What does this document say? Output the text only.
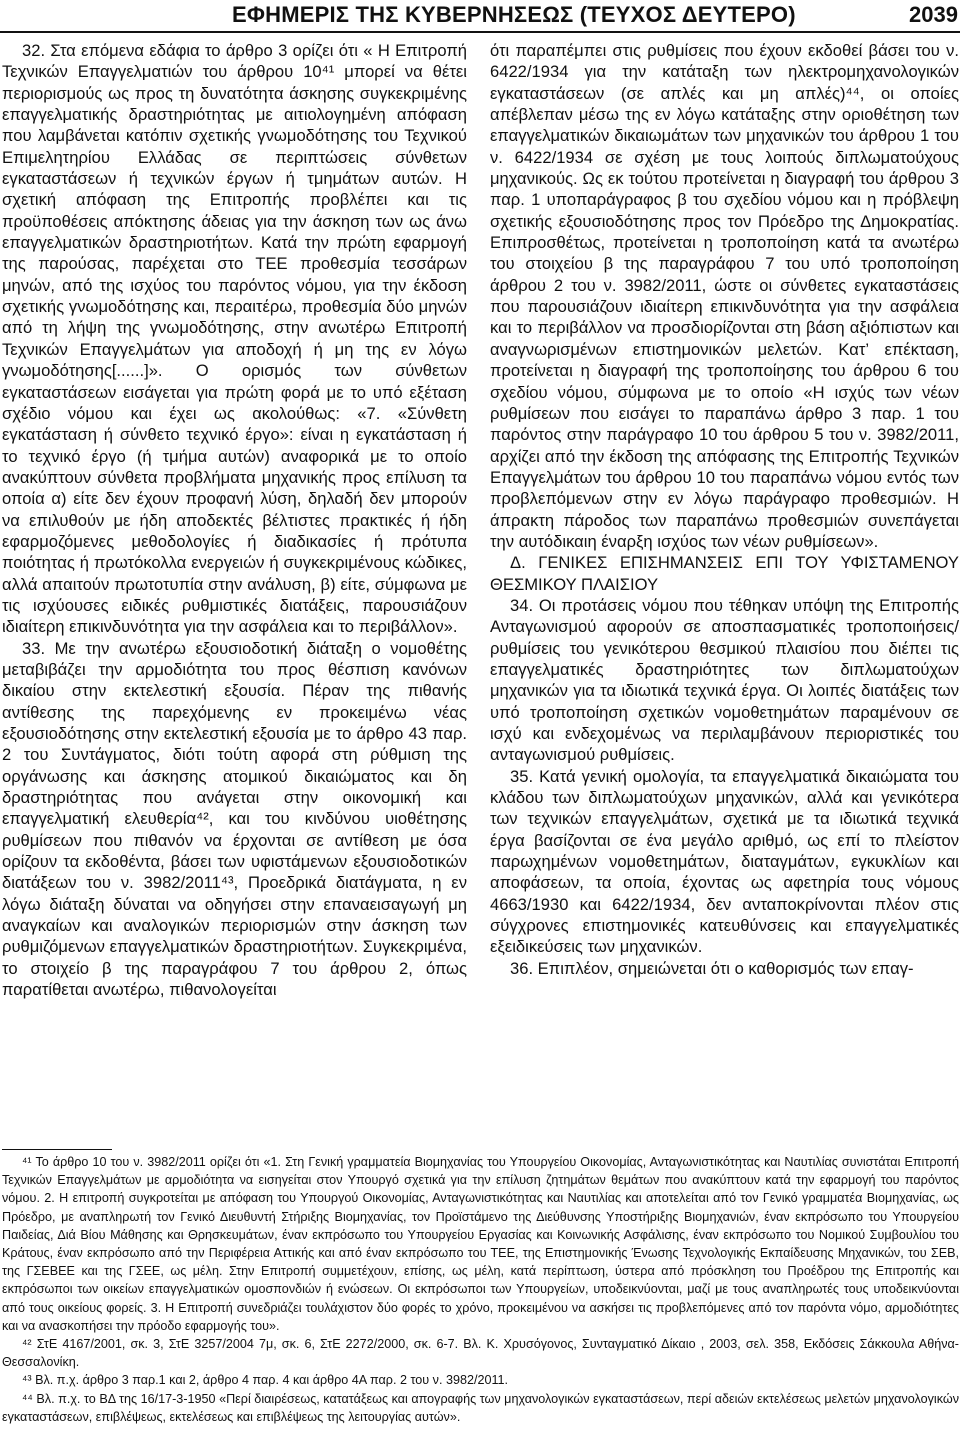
ΕΦΗΜΕΡΙΣ ΤΗΣ ΚΥΒΕΡΝΗΣΕΩΣ (ΤΕΥΧΟΣ ΔΕΥΤΕΡΟ)	2039

32. Στα επόμενα εδάφια το άρθρο 3 ορίζει ότι « Η Επιτροπή Τεχνικών Επαγγελματιών του άρθρου 10⁴¹ μπορεί να θέτει περιορισμούς ως προς τη δυνατότητα άσκησης συγκεκριμένης επαγγελματικής δραστηριότητας με αιτιολογημένη απόφαση που λαμβάνεται κατόπιν σχετικής γνωμοδότησης του Τεχνικού Επιμελητηρίου Ελλάδας σε περιπτώσεις σύνθετων εγκαταστάσεων ή τεχνικών έργων ή τμημάτων αυτών. Η σχετική απόφαση της Επιτροπής προβλέπει και τις προϋποθέσεις απόκτησης άδειας για την άσκηση των ως άνω επαγγελματικών δραστηριοτήτων. Κατά την πρώτη εφαρμογή της παρούσας, παρέχεται στο ΤΕΕ προθεσμία τεσσάρων μηνών, από της ισχύος του παρόντος νόμου, για την έκδοση σχετικής γνωμοδότησης και, περαιτέρω, προθεσμία δύο μηνών από τη λήψη της γνωμοδότησης, στην ανωτέρω Επιτροπή Τεχνικών Επαγγελμάτων για αποδοχή ή μη της εν λόγω γνωμοδότησης[......]». Ο ορισμός των σύνθετων εγκαταστάσεων εισάγεται για πρώτη φορά με το υπό εξέταση σχέδιο νόμου και έχει ως ακολούθως: «7. «Σύνθετη εγκατάσταση ή σύνθετο τεχνικό έργο»: είναι η εγκατάσταση ή το τεχνικό έργο (ή τμήμα αυτών) αναφορικά με το οποίο ανακύπτουν σύνθετα προβλήματα μηχανικής προς επίλυση τα οποία α) είτε δεν έχουν προφανή λύση, δηλαδή δεν μπορούν να επιλυθούν με ήδη αποδεκτές βέλτιστες πρακτικές ή ήδη εφαρμοζόμενες μεθοδολογίες ή διαδικασίες ή πρότυπα ποιότητας ή πρωτόκολλα ενεργειών ή συγκεκριμένους κώδικες, αλλά απαιτούν πρωτοτυπία στην ανάλυση, β) είτε, σύμφωνα με τις ισχύουσες ειδικές ρυθμιστικές διατάξεις, παρουσιάζουν ιδιαίτερη επικινδυνότητα για την ασφάλεια και το περιβάλλον».

33. Με την ανωτέρω εξουσιοδοτική διάταξη ο νομοθέτης μεταβιβάζει την αρμοδιότητα του προς θέσπιση κανόνων δικαίου στην εκτελεστική εξουσία. Πέραν της πιθανής αντίθεσης της παρεχόμενης εν προκειμένω νέας εξουσιοδότησης στην εκτελεστική εξουσία με το άρθρο 43 παρ. 2 του Συντάγματος, διότι τούτη αφορά στη ρύθμιση της οργάνωσης και άσκησης ατομικού δικαιώματος και δη δραστηριότητας που ανάγεται στην οικονομική και επαγγελματική ελευθερία⁴², και του κινδύνου υιοθέτησης ρυθμίσεων που πιθανόν να έρχονται σε αντίθεση με όσα ορίζουν τα εκδοθέντα, βάσει των υφιστάμενων εξουσιοδοτικών διατάξεων του ν. 3982/2011⁴³, Προεδρικά διατάγματα, η εν λόγω διάταξη δύναται να οδηγήσει στην επαναεισαγωγή μη αναγκαίων και αναλογικών περιορισμών στην άσκηση των ρυθμιζόμενων επαγγελματικών δραστηριοτήτων. Συγκεκριμένα, το στοιχείο β της παραγράφου 7 του άρθρου 2, όπως παρατίθεται ανωτέρω, πιθανολογείται

ότι παραπέμπει στις ρυθμίσεις που έχουν εκδοθεί βάσει του ν. 6422/1934 για την κατάταξη των ηλεκτρομηχανολογικών εγκαταστάσεων (σε απλές και μη απλές)⁴⁴, οι οποίες απέβλεπαν μέσω της εν λόγω κατάταξης στην οριοθέτηση των επαγγελματικών δικαιωμάτων των μηχανικών του άρθρου 1 του ν. 6422/1934 σε σχέση με τους λοιπούς διπλωματούχους μηχανικούς. Ως εκ τούτου προτείνεται η διαγραφή του άρθρου 3 παρ. 1 υποπαράγραφος β του σχεδίου νόμου και η πρόβλεψη σχετικής εξουσιοδότησης προς τον Πρόεδρο της Δημοκρατίας. Επιπροσθέτως, προτείνεται η τροποποίηση κατά τα ανωτέρω του στοιχείου β της παραγράφου 7 του υπό τροποποίηση άρθρου 2 του ν. 3982/2011, ώστε οι σύνθετες εγκαταστάσεις που παρουσιάζουν ιδιαίτερη επικινδυνότητα για την ασφάλεια και το περιβάλλον να προσδιορίζονται στη βάση αξιόπιστων και αναγνωρισμένων επιστημονικών μελετών. Κατ’ επέκταση, προτείνεται η διαγραφή της τροποποίησης του άρθρου 6 του σχεδίου νόμου, σύμφωνα με το οποίο «Η ισχύς των νέων ρυθμίσεων που εισάγει το παραπάνω άρθρο 3 παρ. 1 του παρόντος στην παράγραφο 10 του άρθρου 5 του ν. 3982/2011, αρχίζει από την έκδοση της απόφασης της Επιτροπής Τεχνικών Επαγγελμάτων του άρθρου 10 του παραπάνω νόμου εντός των προβλεπόμενων στην εν λόγω παράγραφο προθεσμιών. Η άπρακτη πάροδος των παραπάνω προθεσμιών συνεπάγεται την αυτόδικαιη έναρξη ισχύος των νέων ρυθμίσεων».

Δ. ΓΕΝΙΚΕΣ ΕΠΙΣΗΜΑΝΣΕΙΣ ΕΠΙ ΤΟΥ ΥΦΙΣΤΑΜΕΝΟΥ ΘΕΣΜΙΚΟΥ ΠΛΑΙΣΙΟΥ

34. Οι προτάσεις νόμου που τέθηκαν υπόψη της Επιτροπής Ανταγωνισμού αφορούν σε αποσπασματικές τροποποιήσεις/ρυθμίσεις του γενικότερου θεσμικού πλαισίου που διέπει τις επαγγελματικές δραστηριότητες των διπλωματούχων μηχανικών για τα ιδιωτικά τεχνικά έργα. Οι λοιπές διατάξεις των υπό τροποποίηση σχετικών νομοθετημάτων παραμένουν σε ισχύ και ενδεχομένως να περιλαμβάνουν περιοριστικές του ανταγωνισμού ρυθμίσεις.

35. Κατά γενική ομολογία, τα επαγγελματικά δικαιώματα του κλάδου των διπλωματούχων μηχανικών, αλλά και γενικότερα των τεχνικών επαγγελμάτων, σχετικά με τα ιδιωτικά τεχνικά έργα βασίζονται σε ένα μεγάλο αριθμό, ως επί το πλείστον παρωχημένων νομοθετημάτων, διαταγμάτων, εγκυκλίων και αποφάσεων, τα οποία, έχοντας ως αφετηρία τους νόμους 4663/1930 και 6422/1934, δεν ανταποκρίνονται πλέον στις σύγχρονες επιστημονικές κατευθύνσεις και επαγγελματικές εξειδικεύσεις των μηχανικών.

36. Επιπλέον, σημειώνεται ότι ο καθορισμός των επαγ-

⁴¹ Το άρθρο 10 του ν. 3982/2011 ορίζει ότι «1. Στη Γενική γραμματεία Βιομηχανίας του Υπουργείου Οικονομίας, Ανταγωνιστικότητας και Ναυτιλίας συνιστάται Επιτροπή Τεχνικών Επαγγελμάτων με αρμοδιότητα να εισηγείται στον Υπουργό σχετικά για την επίλυση ζητημάτων θεμάτων που ανακύπτουν κατά την εφαρμογή του παρόντος νόμου. 2. Η επιτροπή συγκροτείται με απόφαση του Υπουργού Οικονομίας, Ανταγωνιστικότητας και Ναυτιλίας και αποτελείται από τον Γενικό γραμματέα Βιομηχανίας, ως Πρόεδρο, με αναπληρωτή τον Γενικό Διευθυντή Στήριξης Βιομηχανίας, τον Προϊστάμενο της Διεύθυνσης Υποστήριξης Βιομηχανιών, έναν εκπρόσωπο του Υπουργείου Παιδείας, Διά Βίου Μάθησης και Θρησκευμάτων, έναν εκπρόσωπο του Υπουργείου Εργασίας και Κοινωνικής Ασφάλισης, έναν εκπρόσωπο του Νομικού Συμβουλίου του Κράτους, έναν εκπρόσωπο από την Περιφέρεια Αττικής και από έναν εκπρόσωπο του ΤΕΕ, της Επιστημονικής Ένωσης Τεχνολογικής Εκπαίδευσης Μηχανικών, του ΣΕΒ, της ΓΣΕΒΕΕ και της ΓΣΕΕ, ως μέλη. Στην Επιτροπή συμμετέχουν, επίσης, ως μέλη, κατά περίπτωση, ύστερα από πρόσκληση του Προέδρου της Επιτροπής και εκπρόσωποι των οικείων επαγγελματικών ομοσπονδιών ή ενώσεων. Οι εκπρόσωποι των Υπουργείων, υποδεικνύονται, μαζί με τους αναπληρωτές τους υποδεικνύονται από τους οικείους φορείς. 3. Η Επιτροπή συνεδριάζει τουλάχιστον δύο φορές το χρόνο, προκειμένου να ασκήσει τις προβλεπόμενες από τον παρόντα νόμο, αρμοδιότητες και να ανασκοπήσει την πρόοδο εφαρμογής του».

⁴² ΣτΕ 4167/2001, σκ. 3, ΣτΕ 3257/2004 7μ, σκ. 6, ΣτΕ 2272/2000, σκ. 6-7. Βλ. Κ. Χρυσόγονος, Συνταγματικό Δίκαιο , 2003, σελ. 358, Εκδόσεις Σάκκουλα Αθήνα-Θεσσαλονίκη.

⁴³ Βλ. π.χ. άρθρο 3 παρ.1 και 2, άρθρο 4 παρ. 4 και άρθρο 4Α παρ. 2 του ν. 3982/2011.

⁴⁴ Βλ. π.χ. το ΒΔ της 16/17-3-1950 «Περί διαιρέσεως, κατατάξεως και απογραφής των μηχανολογικών εγκαταστάσεων, περί αδειών εκτελέσεως μελετών μηχανολογικών εγκαταστάσεων, επιβλέψεως, εκτελέσεως και επιβλέψεως της λειτουργίας αυτών».
